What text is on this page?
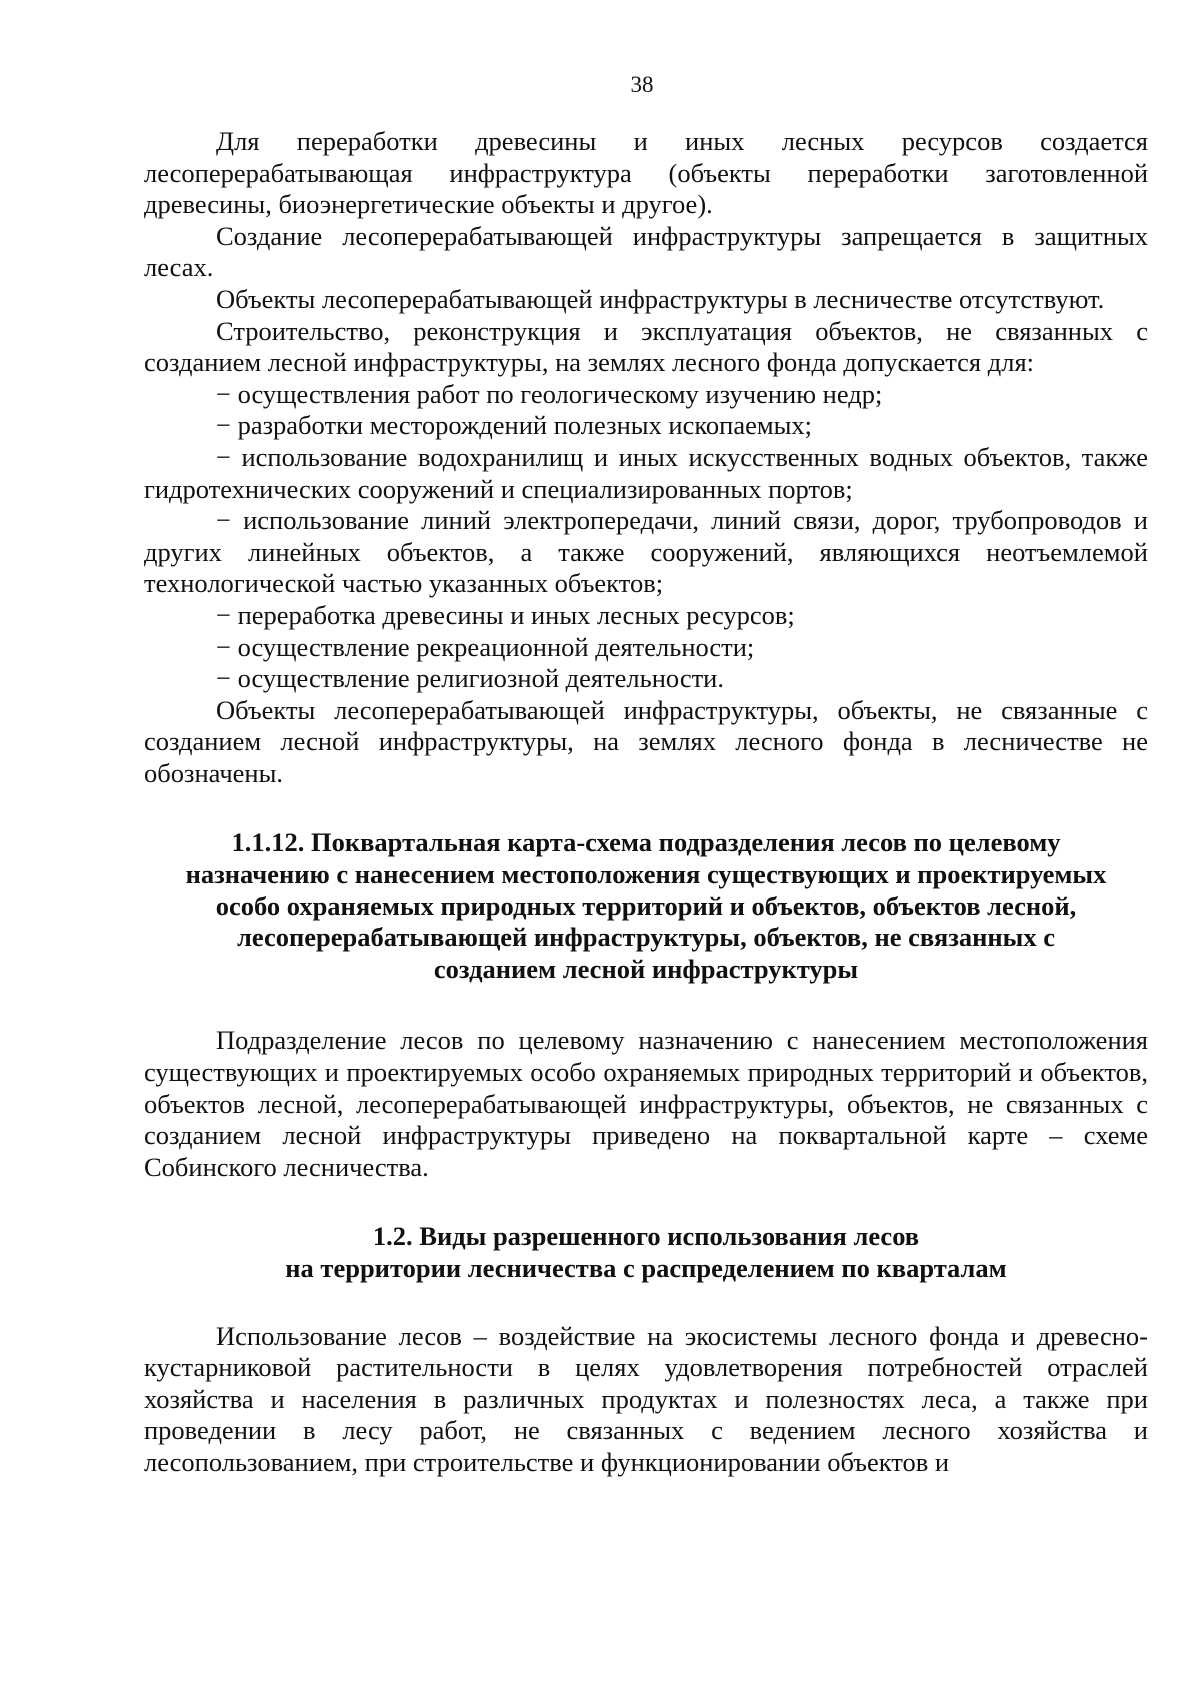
38

Для переработки древесины и иных лесных ресурсов создается лесоперерабатывающая инфраструктура (объекты переработки заготовленной древесины, биоэнергетические объекты и другое).

Создание лесоперерабатывающей инфраструктуры запрещается в защитных лесах.

Объекты лесоперерабатывающей инфраструктуры в лесничестве отсутствуют.

Строительство, реконструкция и эксплуатация объектов, не связанных с созданием лесной инфраструктуры, на землях лесного фонда допускается для:

− осуществления работ по геологическому изучению недр;

− разработки месторождений полезных ископаемых;

− использование водохранилищ и иных искусственных водных объектов, также гидротехнических сооружений и специализированных портов;

− использование линий электропередачи, линий связи, дорог, трубопроводов и других линейных объектов, а также сооружений, являющихся неотъемлемой технологической частью указанных объектов;

− переработка древесины и иных лесных ресурсов;

− осуществление рекреационной деятельности;

− осуществление религиозной деятельности.

Объекты лесоперерабатывающей инфраструктуры, объекты, не связанные с созданием лесной инфраструктуры, на землях лесного фонда в лесничестве не обозначены.

1.1.12. Поквартальная карта-схема подразделения лесов по целевому

назначению с нанесением местоположения существующих и проектируемых

особо охраняемых природных территорий и объектов, объектов лесной,

лесоперерабатывающей инфраструктуры, объектов, не связанных с

созданием лесной инфраструктуры

Подразделение лесов по целевому назначению с нанесением местоположения существующих и проектируемых особо охраняемых природных территорий и объектов, объектов лесной, лесоперерабатывающей инфраструктуры, объектов, не связанных с созданием лесной инфраструктуры приведено на поквартальной карте – схеме Собинского лесничества.

1.2. Виды разрешенного использования лесов

на территории лесничества с распределением по кварталам

Использование лесов – воздействие на экосистемы лесного фонда и древесно-кустарниковой растительности в целях удовлетворения потребностей отраслей хозяйства и населения в различных продуктах и полезностях леса, а также при проведении в лесу работ, не связанных с ведением лесного хозяйства и лесопользованием, при строительстве и функционировании объектов и
